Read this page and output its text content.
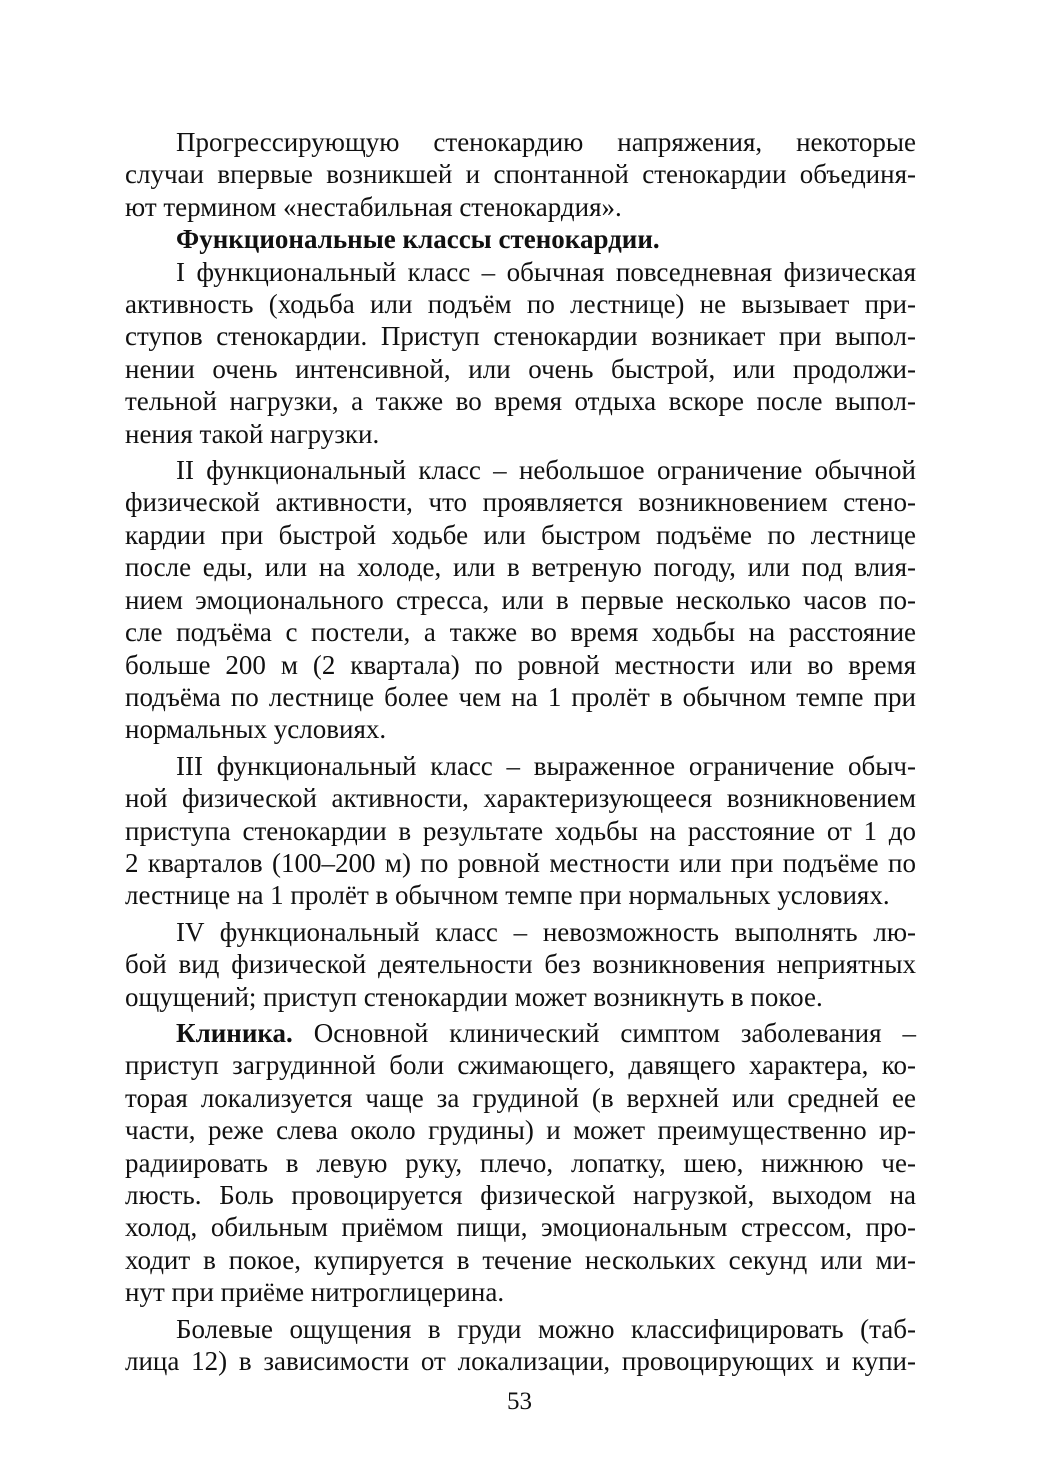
Прогрессирующую стенокардию напряжения, некоторые
случаи впервые возникшей и спонтанной стенокардии объединя-
ют термином «нестабильная стенокардия».

Функциональные классы стенокардии.

I функциональный класс – обычная повседневная физическая
активность (ходьба или подъём по лестнице) не вызывает при-
ступов стенокардии. Приступ стенокардии возникает при выпол-
нении очень интенсивной, или очень быстрой, или продолжи-
тельной нагрузки, а также во время отдыха вскоре после выпол-
нения такой нагрузки.

II функциональный класс – небольшое ограничение обычной
физической активности, что проявляется возникновением стено-
кардии при быстрой ходьбе или быстром подъёме по лестнице
после еды, или на холоде, или в ветреную погоду, или под влия-
нием эмоционального стресса, или в первые несколько часов по-
сле подъёма с постели, а также во время ходьбы на расстояние
больше 200 м (2 квартала) по ровной местности или во время
подъёма по лестнице более чем на 1 пролёт в обычном темпе при
нормальных условиях.

III функциональный класс – выраженное ограничение обыч-
ной физической активности, характеризующееся возникновением
приступа стенокардии в результате ходьбы на расстояние от 1 до
2 кварталов (100–200 м) по ровной местности или при подъёме по
лестнице на 1 пролёт в обычном темпе при нормальных условиях.

IV функциональный класс – невозможность выполнять лю-
бой вид физической деятельности без возникновения неприятных
ощущений; приступ стенокардии может возникнуть в покое.

Клиника. Основной клинический симптом заболевания –
приступ загрудинной боли сжимающего, давящего характера, ко-
торая локализуется чаще за грудиной (в верхней или средней ее
части, реже слева около грудины) и может преимущественно ир-
радиировать в левую руку, плечо, лопатку, шею, нижнюю че-
люсть. Боль провоцируется физической нагрузкой, выходом на
холод, обильным приёмом пищи, эмоциональным стрессом, про-
ходит в покое, купируется в течение нескольких секунд или ми-
нут при приёме нитроглицерина.

Болевые ощущения в груди можно классифицировать (таб-
лица 12) в зависимости от локализации, провоцирующих и купи-

53
